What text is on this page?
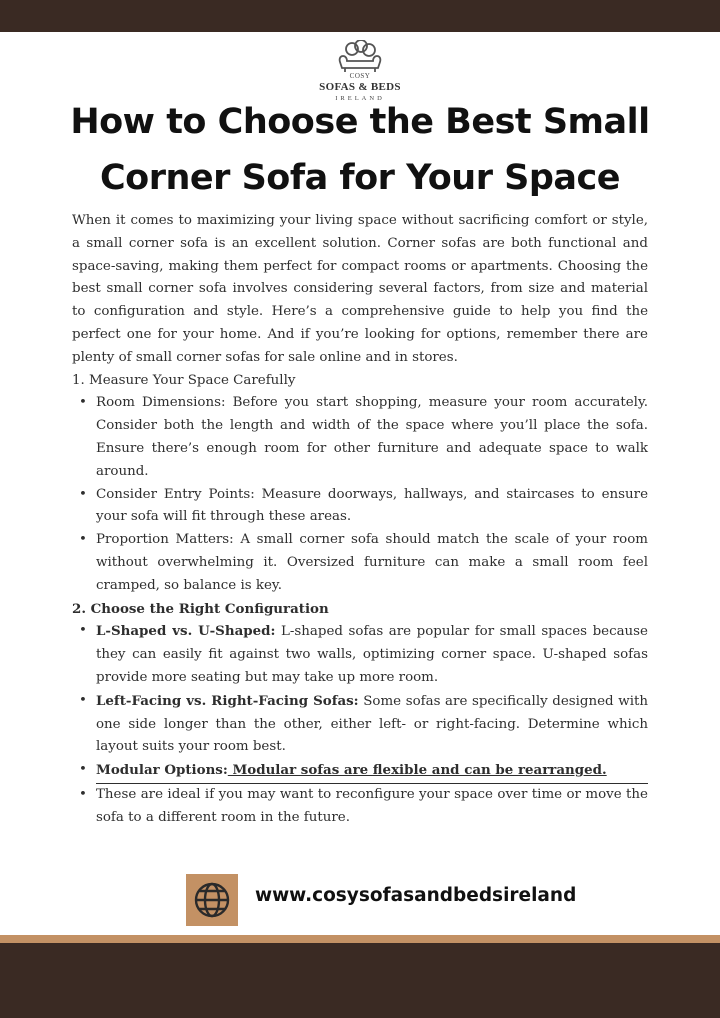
COSY
SOFAS & BEDS
IRELAND
How to Choose the Best Small Corner Sofa for Your Space

When it comes to maximizing your living space without sacrificing comfort or style, a small corner sofa is an excellent solution. Corner sofas are both functional and space-saving, making them perfect for compact rooms or apartments. Choosing the best small corner sofa involves considering several factors, from size and material to configuration and style. Here’s a comprehensive guide to help you find the perfect one for your home. And if you’re looking for options, remember there are plenty of small corner sofas for sale online and in stores.

1. Measure Your Space Carefully

• Room Dimensions: Before you start shopping, measure your room accurately. Consider both the length and width of the space where you’ll place the sofa. Ensure there’s enough room for other furniture and adequate space to walk around.
• Consider Entry Points: Measure doorways, hallways, and staircases to ensure your sofa will fit through these areas.
• Proportion Matters: A small corner sofa should match the scale of your room without overwhelming it. Oversized furniture can make a small room feel cramped, so balance is key.

2. Choose the Right Configuration

• L-Shaped vs. U-Shaped: L-shaped sofas are popular for small spaces because they can easily fit against two walls, optimizing corner space. U-shaped sofas provide more seating but may take up more room.
• Left-Facing vs. Right-Facing Sofas: Some sofas are specifically designed with one side longer than the other, either left- or right-facing. Determine which layout suits your room best.
• Modular Options: Modular sofas are flexible and can be rearranged.
• These are ideal if you may want to reconfigure your space over time or move the sofa to a different room in the future.
www.cosysofasandbedsireland
